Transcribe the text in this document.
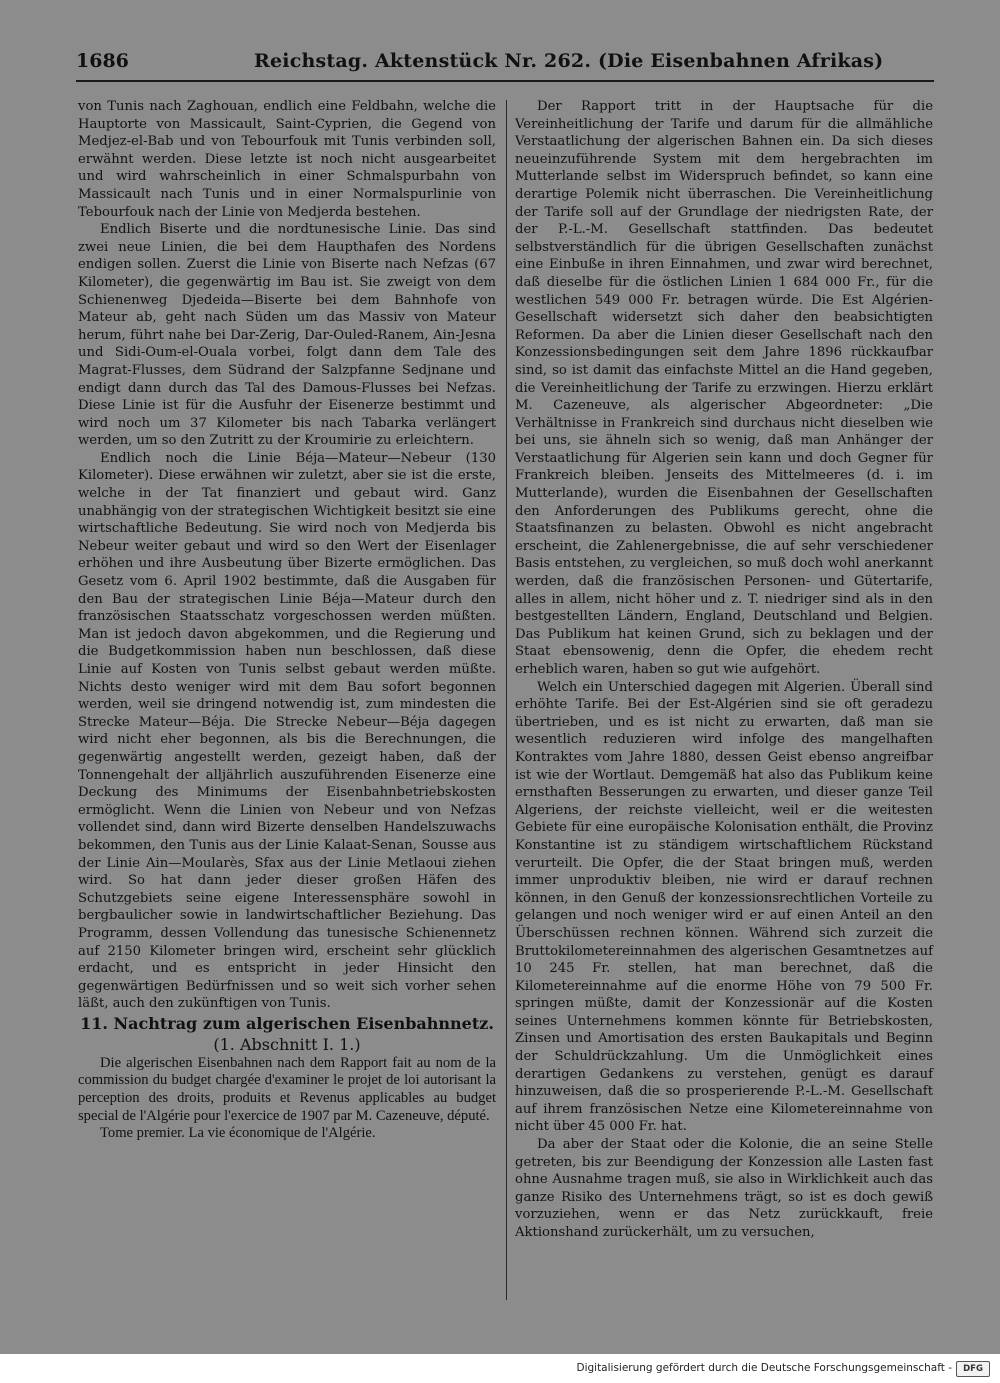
1686	Reichstag. Aktenstück Nr. 262. (Die Eisenbahnen Afrikas)

von Tunis nach Zaghouan, endlich eine Feldbahn, welche die Hauptorte von Massicault, Saint-Cyprien, die Gegend von Medjez-el-Bab und von Tebourfouk mit Tunis verbinden soll, erwähnt werden. Diese letzte ist noch nicht ausgearbeitet und wird wahrscheinlich in einer Schmalspurbahn von Massicault nach Tunis und in einer Normalspurlinie von Tebourfouk nach der Linie von Medjerda bestehen.

Endlich Biserte und die nordtunesische Linie. Das sind zwei neue Linien, die bei dem Haupthafen des Nordens endigen sollen. Zuerst die Linie von Biserte nach Nefzas (67 Kilometer), die gegenwärtig im Bau ist. Sie zweigt von dem Schienenweg Djedeida—Biserte bei dem Bahnhofe von Mateur ab, geht nach Süden um das Massiv von Mateur herum, führt nahe bei Dar-Zerig, Dar-Ouled-Ranem, Ain-Jesna und Sidi-Oum-el-Ouala vorbei, folgt dann dem Tale des Magrat-Flusses, dem Südrand der Salzpfanne Sedjnane und endigt dann durch das Tal des Damous-Flusses bei Nefzas. Diese Linie ist für die Ausfuhr der Eisenerze bestimmt und wird noch um 37 Kilometer bis nach Tabarka verlängert werden, um so den Zutritt zu der Kroumirie zu erleichtern.

Endlich noch die Linie Béja—Mateur—Nebeur (130 Kilometer). Diese erwähnen wir zuletzt, aber sie ist die erste, welche in der Tat finanziert und gebaut wird. Ganz unabhängig von der strategischen Wichtigkeit besitzt sie eine wirtschaftliche Bedeutung. Sie wird noch von Medjerda bis Nebeur weiter gebaut und wird so den Wert der Eisenlager erhöhen und ihre Ausbeutung über Bizerte ermöglichen. Das Gesetz vom 6. April 1902 bestimmte, daß die Ausgaben für den Bau der strategischen Linie Béja—Mateur durch den französischen Staatsschatz vorgeschossen werden müßten. Man ist jedoch davon abgekommen, und die Regierung und die Budgetkommission haben nun beschlossen, daß diese Linie auf Kosten von Tunis selbst gebaut werden müßte. Nichts desto weniger wird mit dem Bau sofort begonnen werden, weil sie dringend notwendig ist, zum mindesten die Strecke Mateur—Béja. Die Strecke Nebeur—Béja dagegen wird nicht eher begonnen, als bis die Berechnungen, die gegenwärtig angestellt werden, gezeigt haben, daß der Tonnengehalt der alljährlich auszuführenden Eisenerze eine Deckung des Minimums der Eisenbahnbetriebskosten ermöglicht. Wenn die Linien von Nebeur und von Nefzas vollendet sind, dann wird Bizerte denselben Handelszuwachs bekommen, den Tunis aus der Linie Kalaat-Senan, Sousse aus der Linie Ain—Moularès, Sfax aus der Linie Metlaoui ziehen wird. So hat dann jeder dieser großen Häfen des Schutzgebiets seine eigene Interessensphäre sowohl in bergbaulicher sowie in landwirtschaftlicher Beziehung. Das Programm, dessen Vollendung das tunesische Schienennetz auf 2150 Kilometer bringen wird, erscheint sehr glücklich erdacht, und es entspricht in jeder Hinsicht den gegenwärtigen Bedürfnissen und so weit sich vorher sehen läßt, auch den zukünftigen von Tunis.

11. Nachtrag zum algerischen Eisenbahnnetz.

(1. Abschnitt I. 1.)

Die algerischen Eisenbahnen nach dem Rapport fait au nom de la commission du budget chargée d'examiner le projet de loi autorisant la perception des droits, produits et Revenus applicables au budget special de l'Algérie pour l'exercice de 1907 par M. Cazeneuve, député.

Tome premier. La vie économique de l'Algérie.

Der Rapport tritt in der Hauptsache für die Vereinheitlichung der Tarife und darum für die allmähliche Verstaatlichung der algerischen Bahnen ein. Da sich dieses neueinzuführende System mit dem hergebrachten im Mutterlande selbst im Widerspruch befindet, so kann eine derartige Polemik nicht überraschen. Die Vereinheitlichung der Tarife soll auf der Grundlage der niedrigsten Rate, der der P.-L.-M. Gesellschaft stattfinden. Das bedeutet selbstverständlich für die übrigen Gesellschaften zunächst eine Einbuße in ihren Einnahmen, und zwar wird berechnet, daß dieselbe für die östlichen Linien 1 684 000 Fr., für die westlichen 549 000 Fr. betragen würde. Die Est Algérien-Gesellschaft widersetzt sich daher den beabsichtigten Reformen. Da aber die Linien dieser Gesellschaft nach den Konzessionsbedingungen seit dem Jahre 1896 rückkaufbar sind, so ist damit das einfachste Mittel an die Hand gegeben, die Vereinheitlichung der Tarife zu erzwingen. Hierzu erklärt M. Cazeneuve, als algerischer Abgeordneter: „Die Verhältnisse in Frankreich sind durchaus nicht dieselben wie bei uns, sie ähneln sich so wenig, daß man Anhänger der Verstaatlichung für Algerien sein kann und doch Gegner für Frankreich bleiben. Jenseits des Mittelmeeres (d. i. im Mutterlande), wurden die Eisenbahnen der Gesellschaften den Anforderungen des Publikums gerecht, ohne die Staatsfinanzen zu belasten. Obwohl es nicht angebracht erscheint, die Zahlenergebnisse, die auf sehr verschiedener Basis entstehen, zu vergleichen, so muß doch wohl anerkannt werden, daß die französischen Personen- und Gütertarife, alles in allem, nicht höher und z. T. niedriger sind als in den bestgestellten Ländern, England, Deutschland und Belgien. Das Publikum hat keinen Grund, sich zu beklagen und der Staat ebensowenig, denn die Opfer, die ehedem recht erheblich waren, haben so gut wie aufgehört.

Welch ein Unterschied dagegen mit Algerien. Überall sind erhöhte Tarife. Bei der Est-Algérien sind sie oft geradezu übertrieben, und es ist nicht zu erwarten, daß man sie wesentlich reduzieren wird infolge des mangelhaften Kontraktes vom Jahre 1880, dessen Geist ebenso angreifbar ist wie der Wortlaut. Demgemäß hat also das Publikum keine ernsthaften Besserungen zu erwarten, und dieser ganze Teil Algeriens, der reichste vielleicht, weil er die weitesten Gebiete für eine europäische Kolonisation enthält, die Provinz Konstantine ist zu ständigem wirtschaftlichem Rückstand verurteilt. Die Opfer, die der Staat bringen muß, werden immer unproduktiv bleiben, nie wird er darauf rechnen können, in den Genuß der konzessionsrechtlichen Vorteile zu gelangen und noch weniger wird er auf einen Anteil an den Überschüssen rechnen können. Während sich zurzeit die Bruttokilometereinnahmen des algerischen Gesamtnetzes auf 10 245 Fr. stellen, hat man berechnet, daß die Kilometereinnahme auf die enorme Höhe von 79 500 Fr. springen müßte, damit der Konzessionär auf die Kosten seines Unternehmens kommen könnte für Betriebskosten, Zinsen und Amortisation des ersten Baukapitals und Beginn der Schuldrückzahlung. Um die Unmöglichkeit eines derartigen Gedankens zu verstehen, genügt es darauf hinzuweisen, daß die so prosperierende P.-L.-M. Gesellschaft auf ihrem französischen Netze eine Kilometereinnahme von nicht über 45 000 Fr. hat.

Da aber der Staat oder die Kolonie, die an seine Stelle getreten, bis zur Beendigung der Konzession alle Lasten fast ohne Ausnahme tragen muß, sie also in Wirklichkeit auch das ganze Risiko des Unternehmens trägt, so ist es doch gewiß vorzuziehen, wenn er das Netz zurückkauft, freie Aktionshand zurückerhält, um zu versuchen,

Digitalisierung gefördert durch die Deutsche Forschungsgemeinschaft -	DFG
